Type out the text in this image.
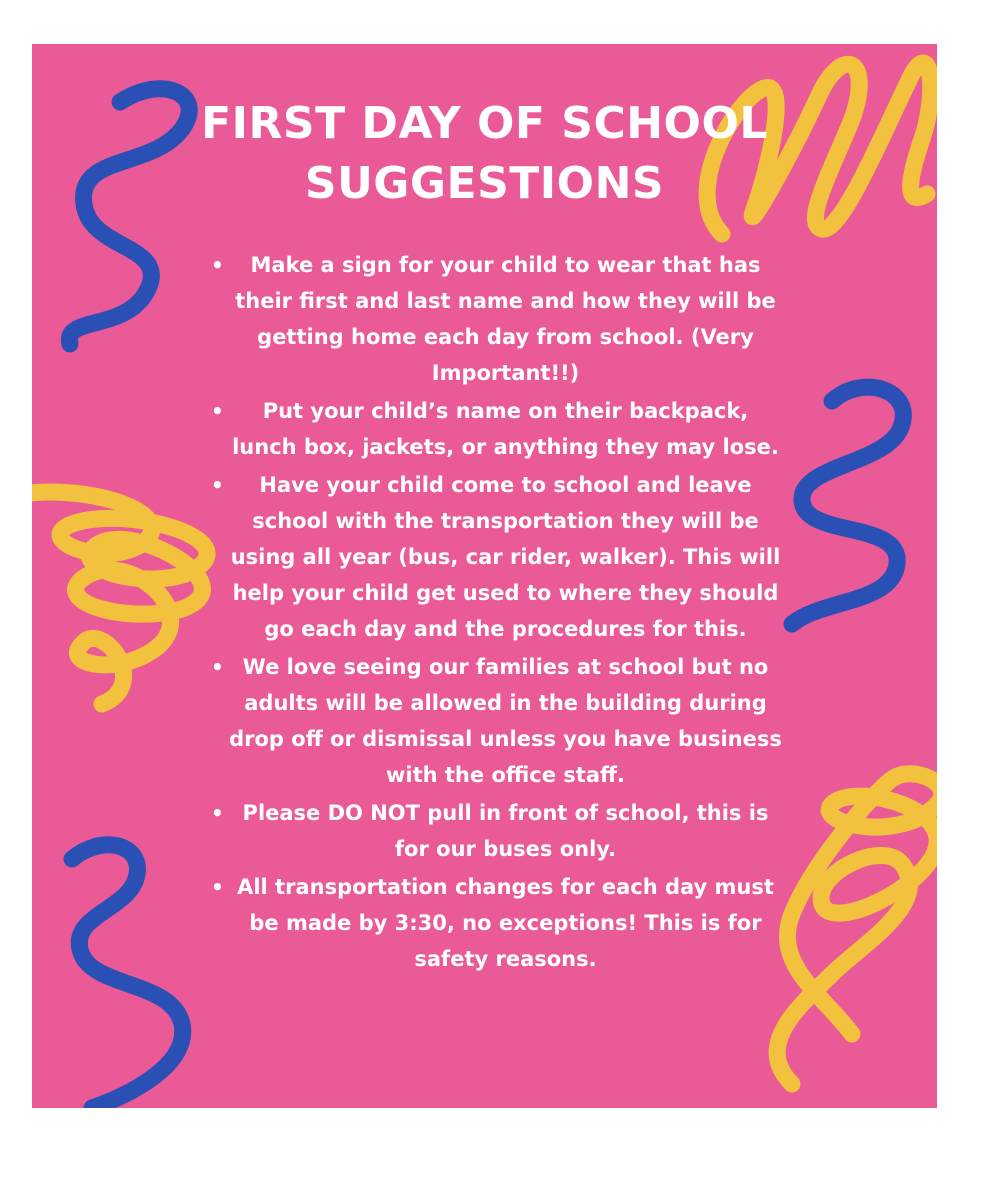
FIRST DAY OF SCHOOL
SUGGESTIONS
• Make a sign for your child to wear that has their first and last name and how they will be getting home each day from school. (Very Important!!)
• Put your child’s name on their backpack, lunch box, jackets, or anything they may lose.
• Have your child come to school and leave school with the transportation they will be using all year (bus, car rider, walker). This will help your child get used to where they should go each day and the procedures for this.
• We love seeing our families at school but no adults will be allowed in the building during drop off or dismissal unless you have business with the office staff.
• Please DO NOT pull in front of school, this is for our buses only.
• All transportation changes for each day must be made by 3:30, no exceptions! This is for safety reasons.
